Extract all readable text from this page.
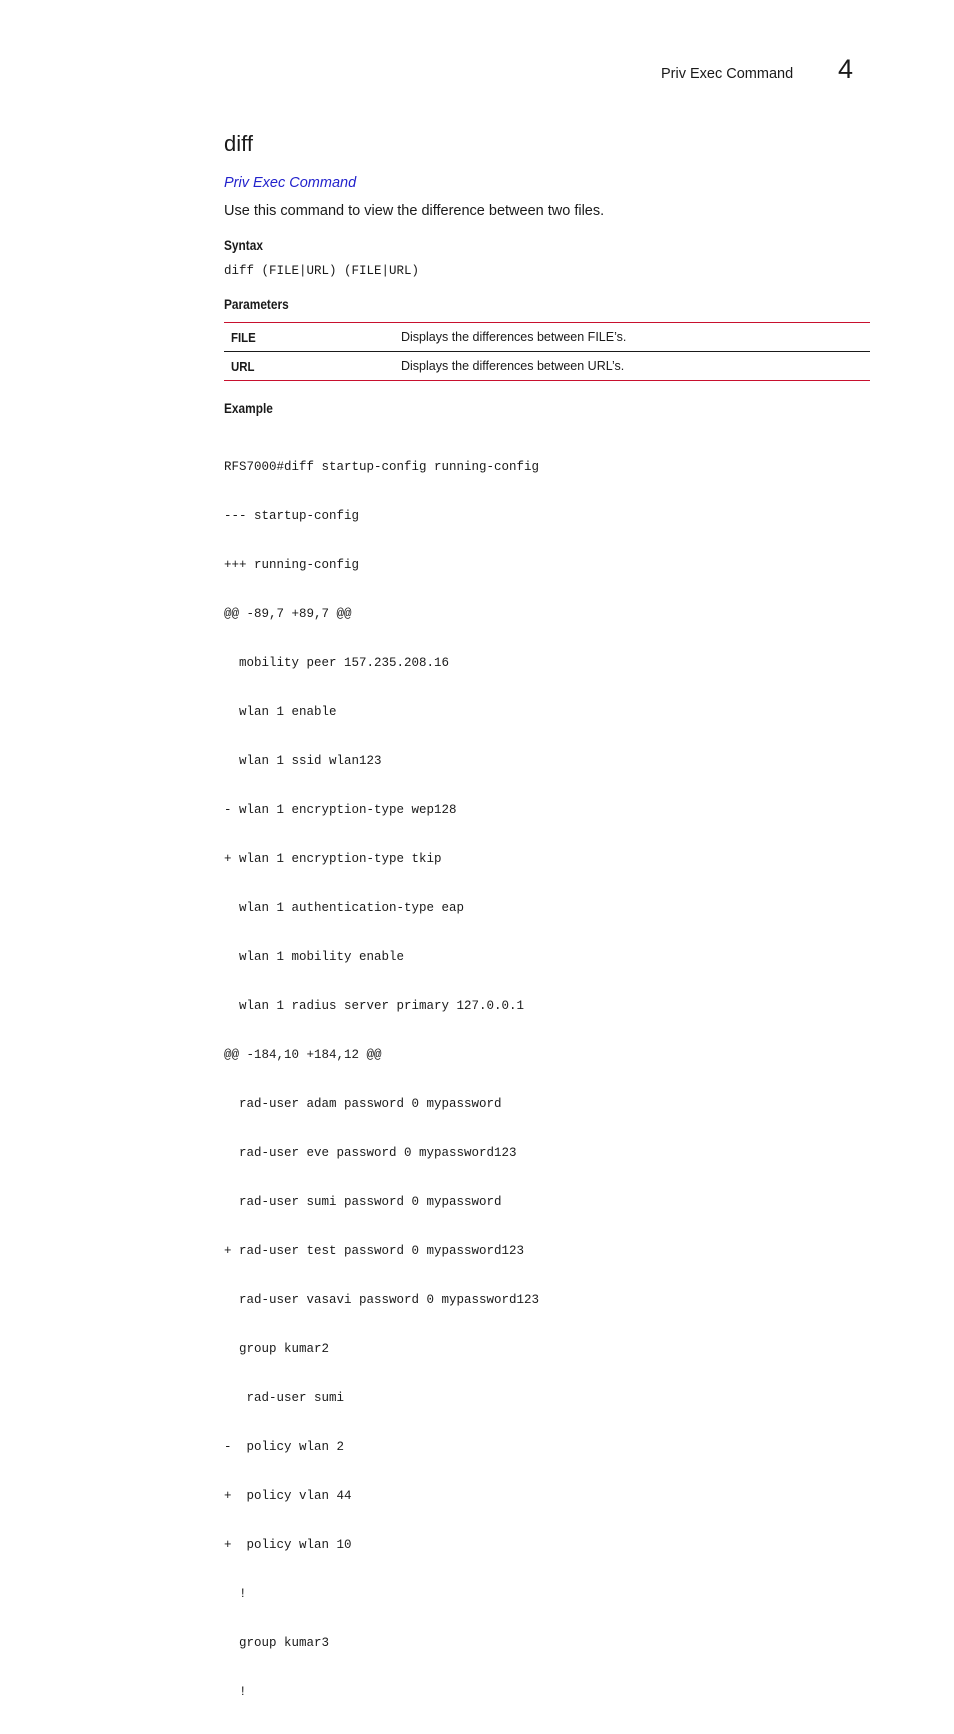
Priv Exec Command 4
diff
Priv Exec Command

Use this command to view the difference between two files.

Syntax
diff (FILE|URL) (FILE|URL)
Parameters
FILE	Displays the differences between FILE’s.
URL	Displays the differences between URL’s.
Example

RFS7000#diff startup-config running-config

--- startup-config

+++ running-config

@@ -89,7 +89,7 @@

mobility peer 157.235.208.16

wlan 1 enable

wlan 1 ssid wlan123

- wlan 1 encryption-type wep128

+ wlan 1 encryption-type tkip

wlan 1 authentication-type eap

wlan 1 mobility enable

wlan 1 radius server primary 127.0.0.1

@@ -184,10 +184,12 @@

rad-user adam password 0 mypassword

rad-user eve password 0 mypassword123

rad-user sumi password 0 mypassword

+ rad-user test password 0 mypassword123

rad-user vasavi password 0 mypassword123

group kumar2

rad-user sumi

-  policy wlan 2

+  policy vlan 44

+  policy wlan 10

!

group kumar3

!
